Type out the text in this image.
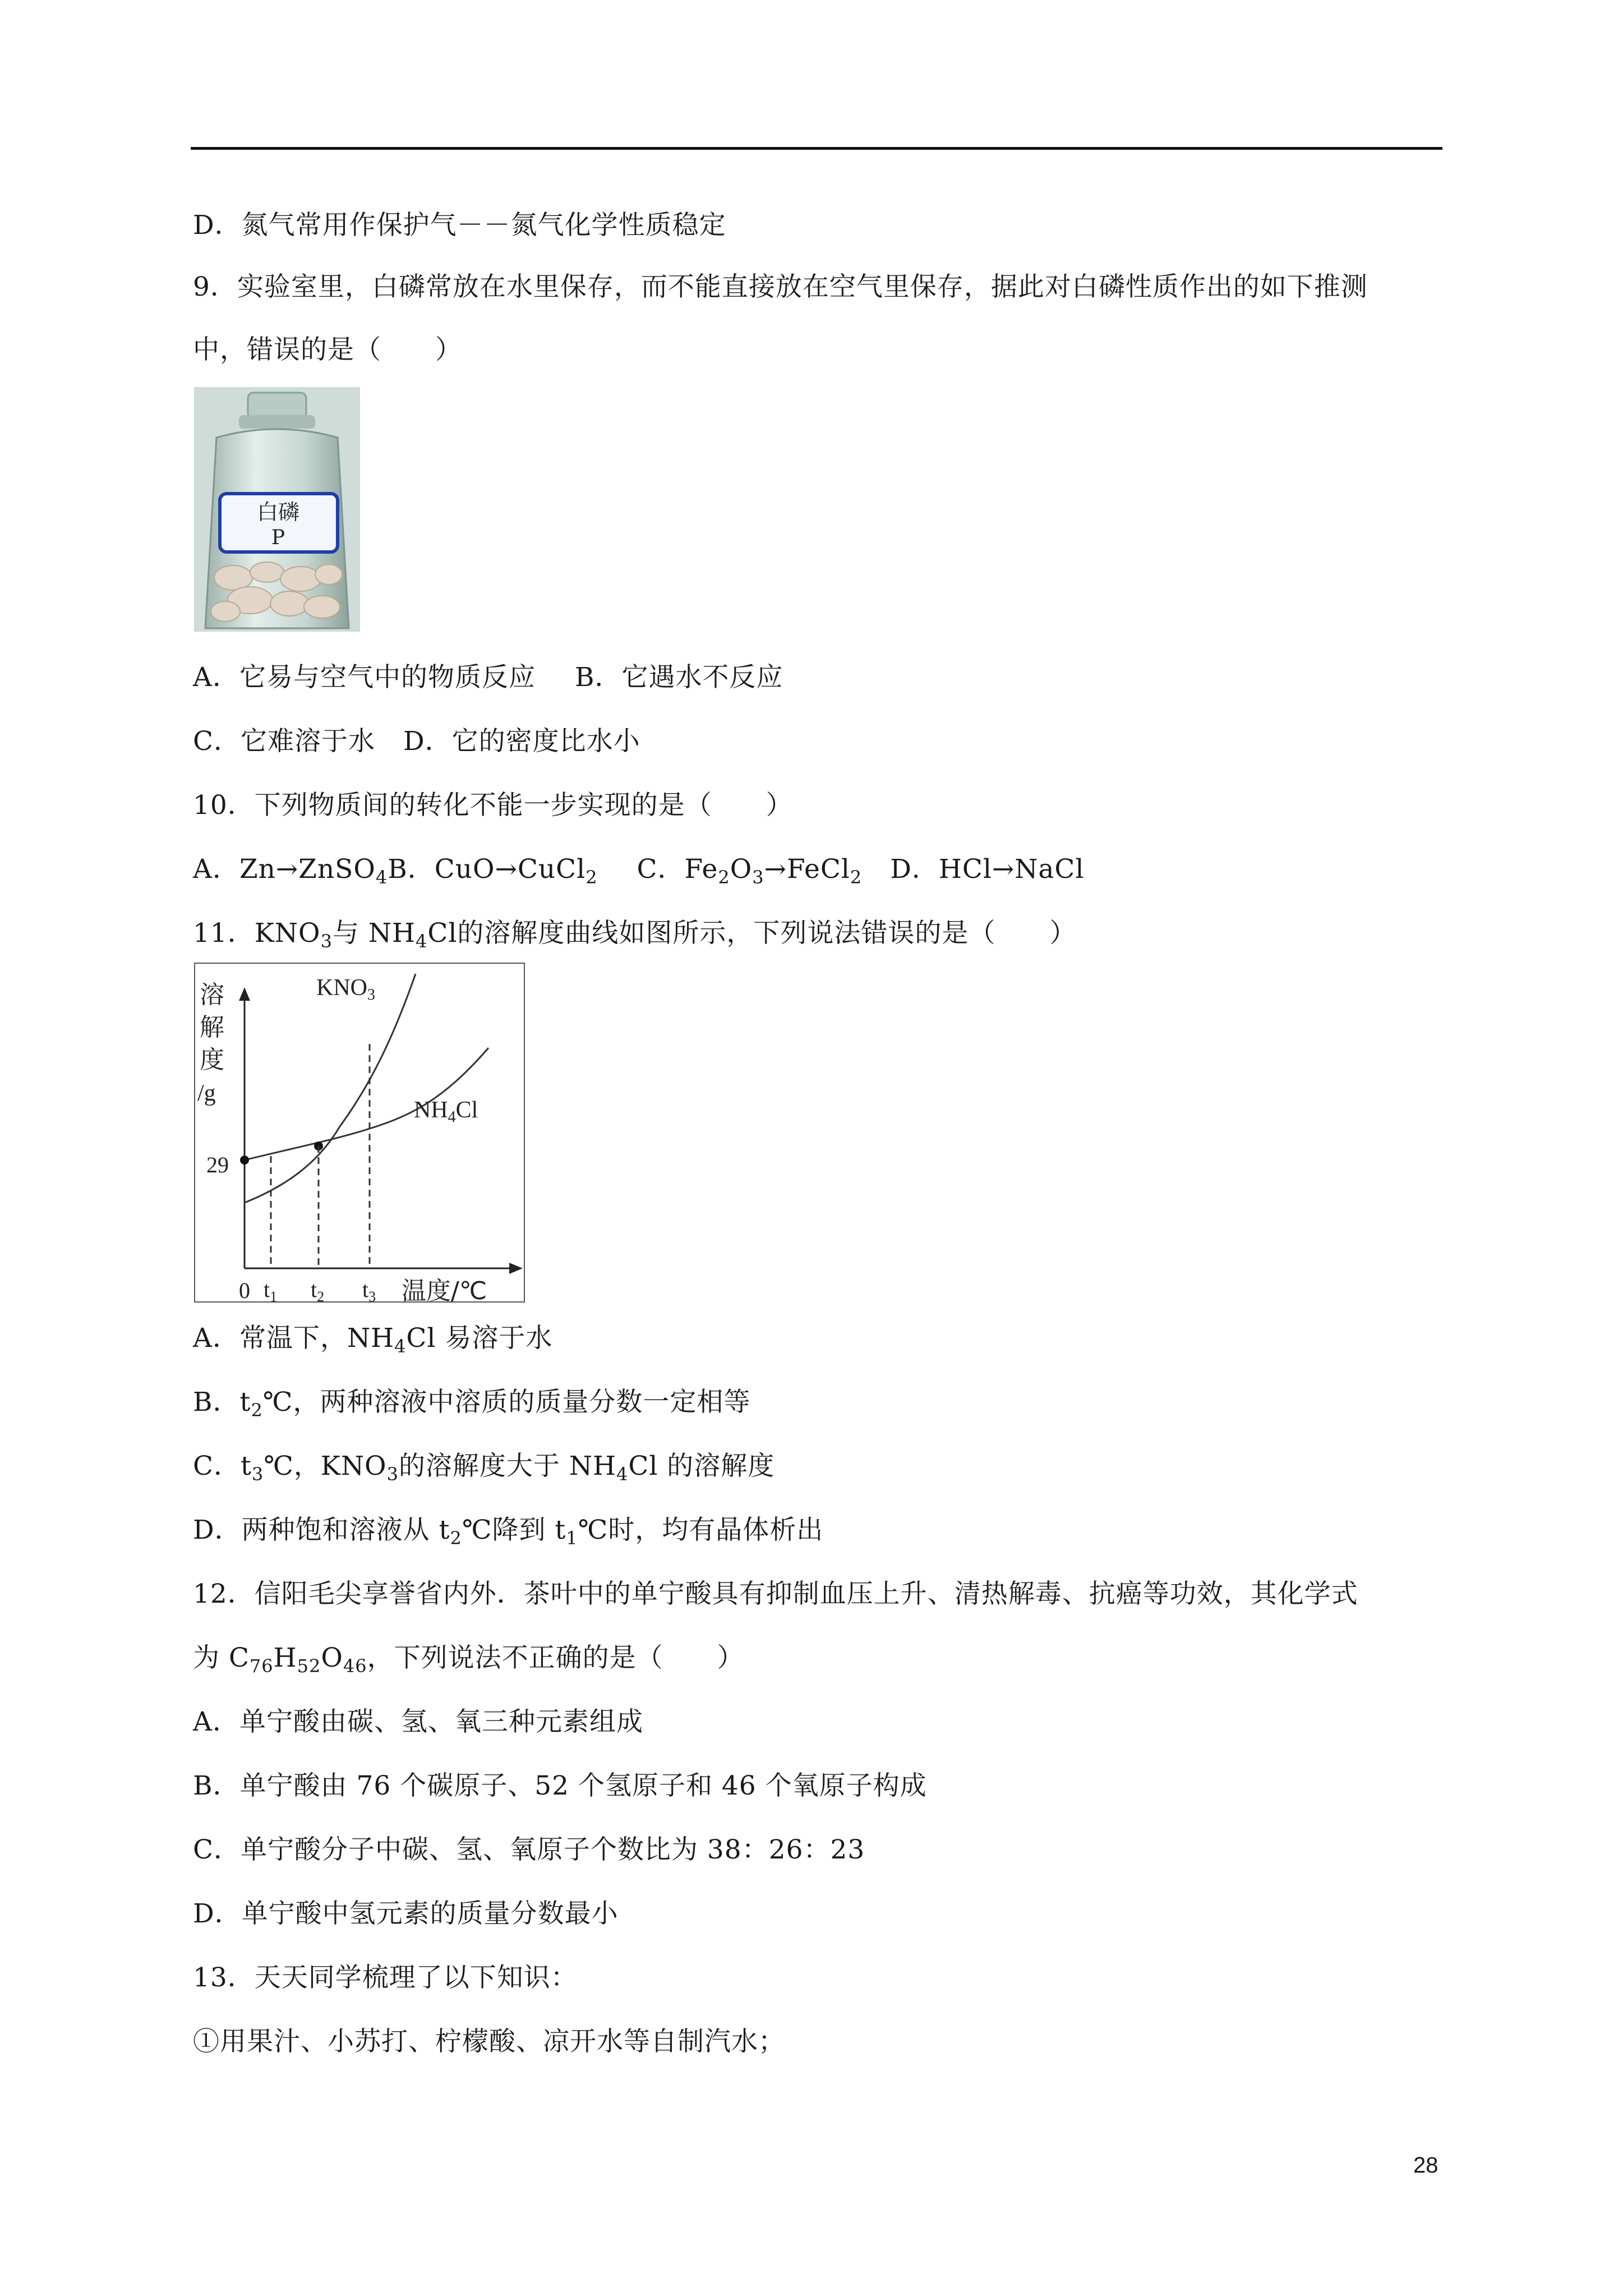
D．氮气常用作保护气－－氮气化学性质稳定
9．实验室里，白磷常放在水里保存，而不能直接放在空气里保存，据此对白磷性质作出的如下推测
中，错误的是（　　）
白磷
P
A．它易与空气中的物质反应 B．它遇水不反应
C．它难溶于水 D．它的密度比水小
10．下列物质间的转化不能一步实现的是（　　）
A．Zn→ZnSO$_4$B．CuO→CuCl$_2$ C．$Fe_2O_3\to FeCl_2$ D．HCl→NaCl
11．$KNO_3$与 $NH_4Cl$的溶解度曲线如图所示，下列说法错误的是（　　）
溶
解
度
/g
29
0 $t_1$ $t_2$ $t_3$ 温度/℃
KNO3
NH4Cl
A．常温下，$NH_4Cl$ 易溶于水
B．$t_2℃$，两种溶液中溶质的质量分数一定相等
C．$t_3℃$，$KNO_3$的溶解度大于 $NH_4Cl$ 的溶解度
D．两种饱和溶液从 $t_2℃$降到 $t_1℃$时，均有晶体析出
12．信阳毛尖享誉省内外．茶叶中的单宁酸具有抑制血压上升、清热解毒、抗癌等功效，其化学式
为 $C_{76}H_{52}O_{46}$，下列说法不正确的是（　　）
A．单宁酸由碳、氢、氧三种元素组成
B．单宁酸由 76 个碳原子、52 个氢原子和 46 个氧原子构成
C．单宁酸分子中碳、氢、氧原子个数比为 38：26：23
D．单宁酸中氢元素的质量分数最小
13．天天同学梳理了以下知识：
①用果汁、小苏打、柠檬酸、凉开水等自制汽水；
28
